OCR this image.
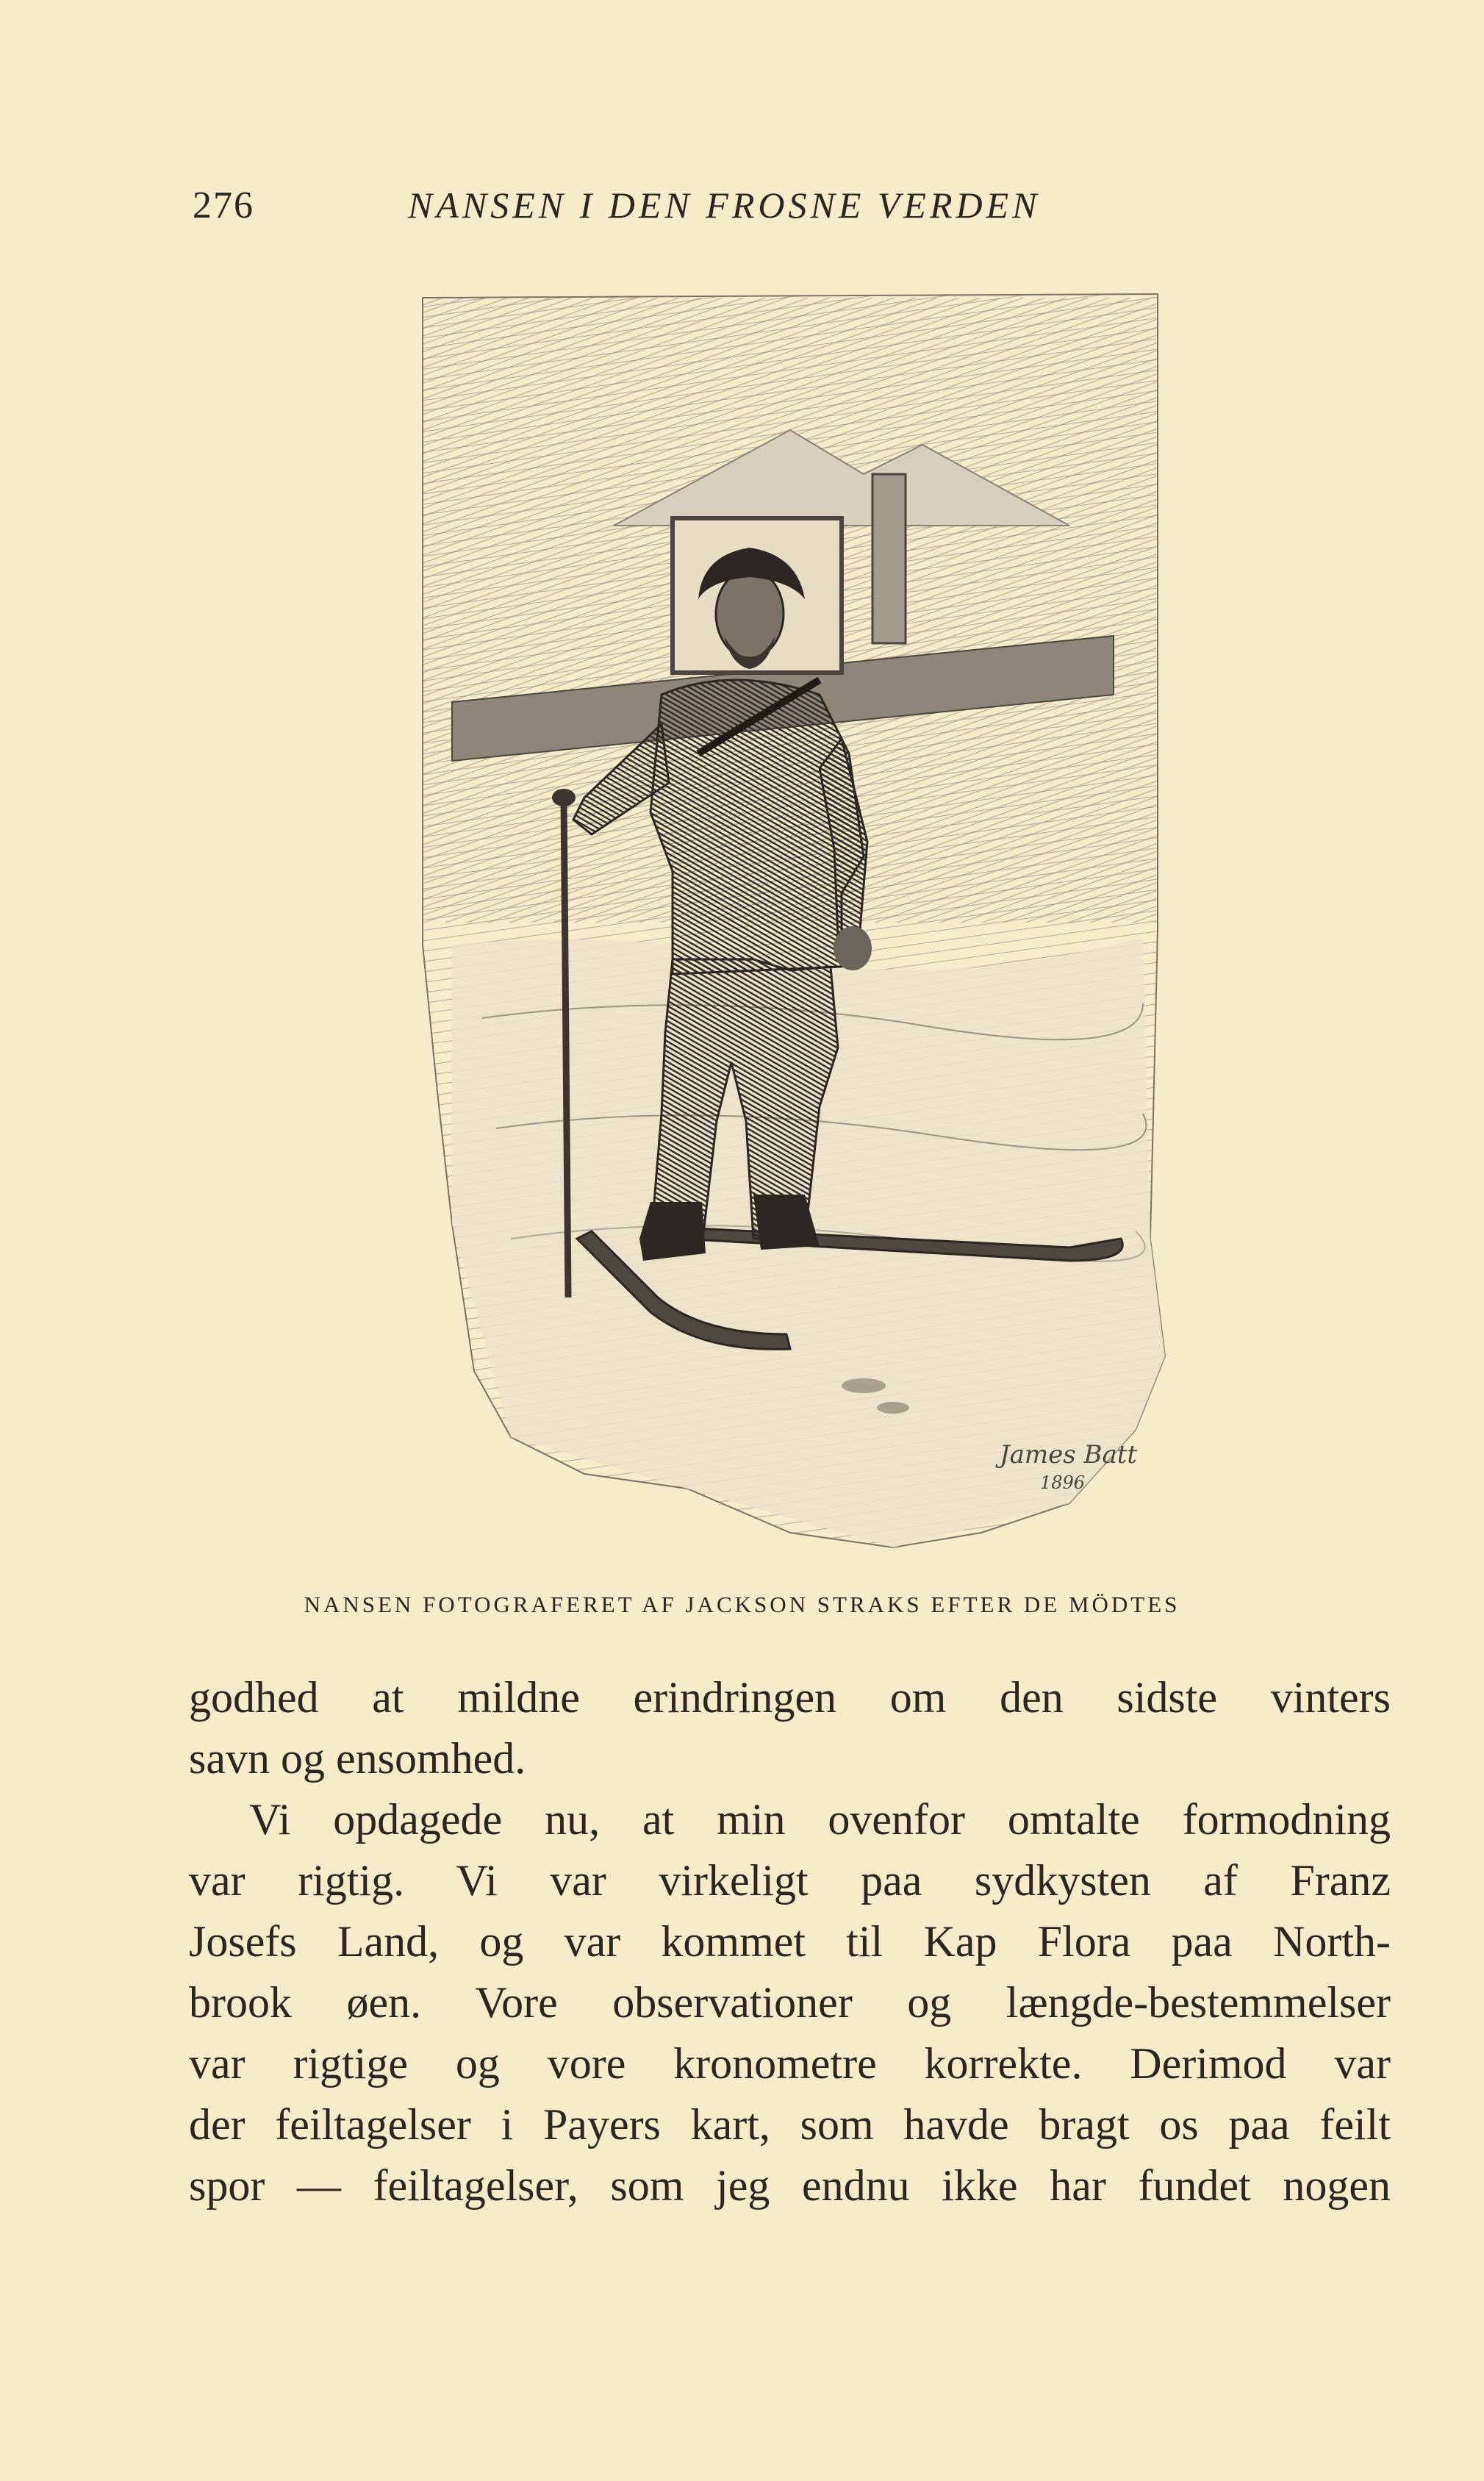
276	NANSEN I DEN FROSNE VERDEN
James Batt
1896
NANSEN FOTOGRAFERET AF JACKSON STRAKS EFTER DE MÖDTES
godhed at mildne erindringen om den sidste vinters
savn og ensomhed.
Vi opdagede nu, at min ovenfor omtalte formodning
var rigtig. Vi var virkeligt paa sydkysten af Franz
Josefs Land, og var kommet til Kap Flora paa North-
brook øen. Vore observationer og længde-bestemmelser
var rigtige og vore kronometre korrekte. Derimod var
der feiltagelser i Payers kart, som havde bragt os paa feilt
spor — feiltagelser, som jeg endnu ikke har fundet nogen
